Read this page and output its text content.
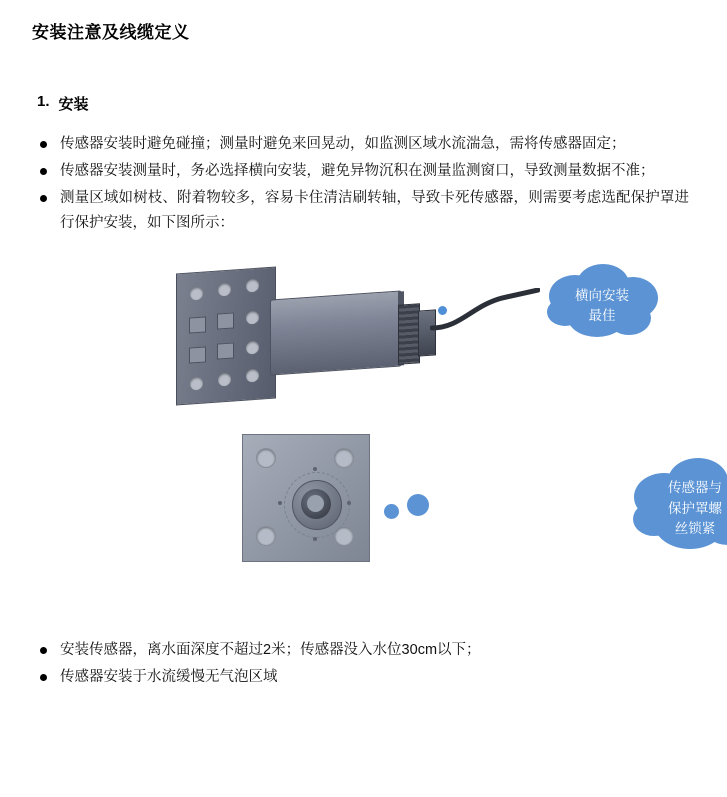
安装注意及线缆定义
1. 安装
传感器安装时避免碰撞；测量时避免来回晃动，如监测区域水流湍急，需将传感器固定；
传感器安装测量时，务必选择横向安装，避免异物沉积在测量监测窗口，导致测量数据不准；
测量区域如树枝、附着物较多，容易卡住清洁刷转轴，导致卡死传感器，则需要考虑选配保护罩进行保护安装，如下图所示：
横向安装
最佳
传感器与
保护罩螺
丝锁紧
安装传感器，离水面深度不超过2米；传感器没入水位30cm以下；
传感器安装于水流缓慢无气泡区域
